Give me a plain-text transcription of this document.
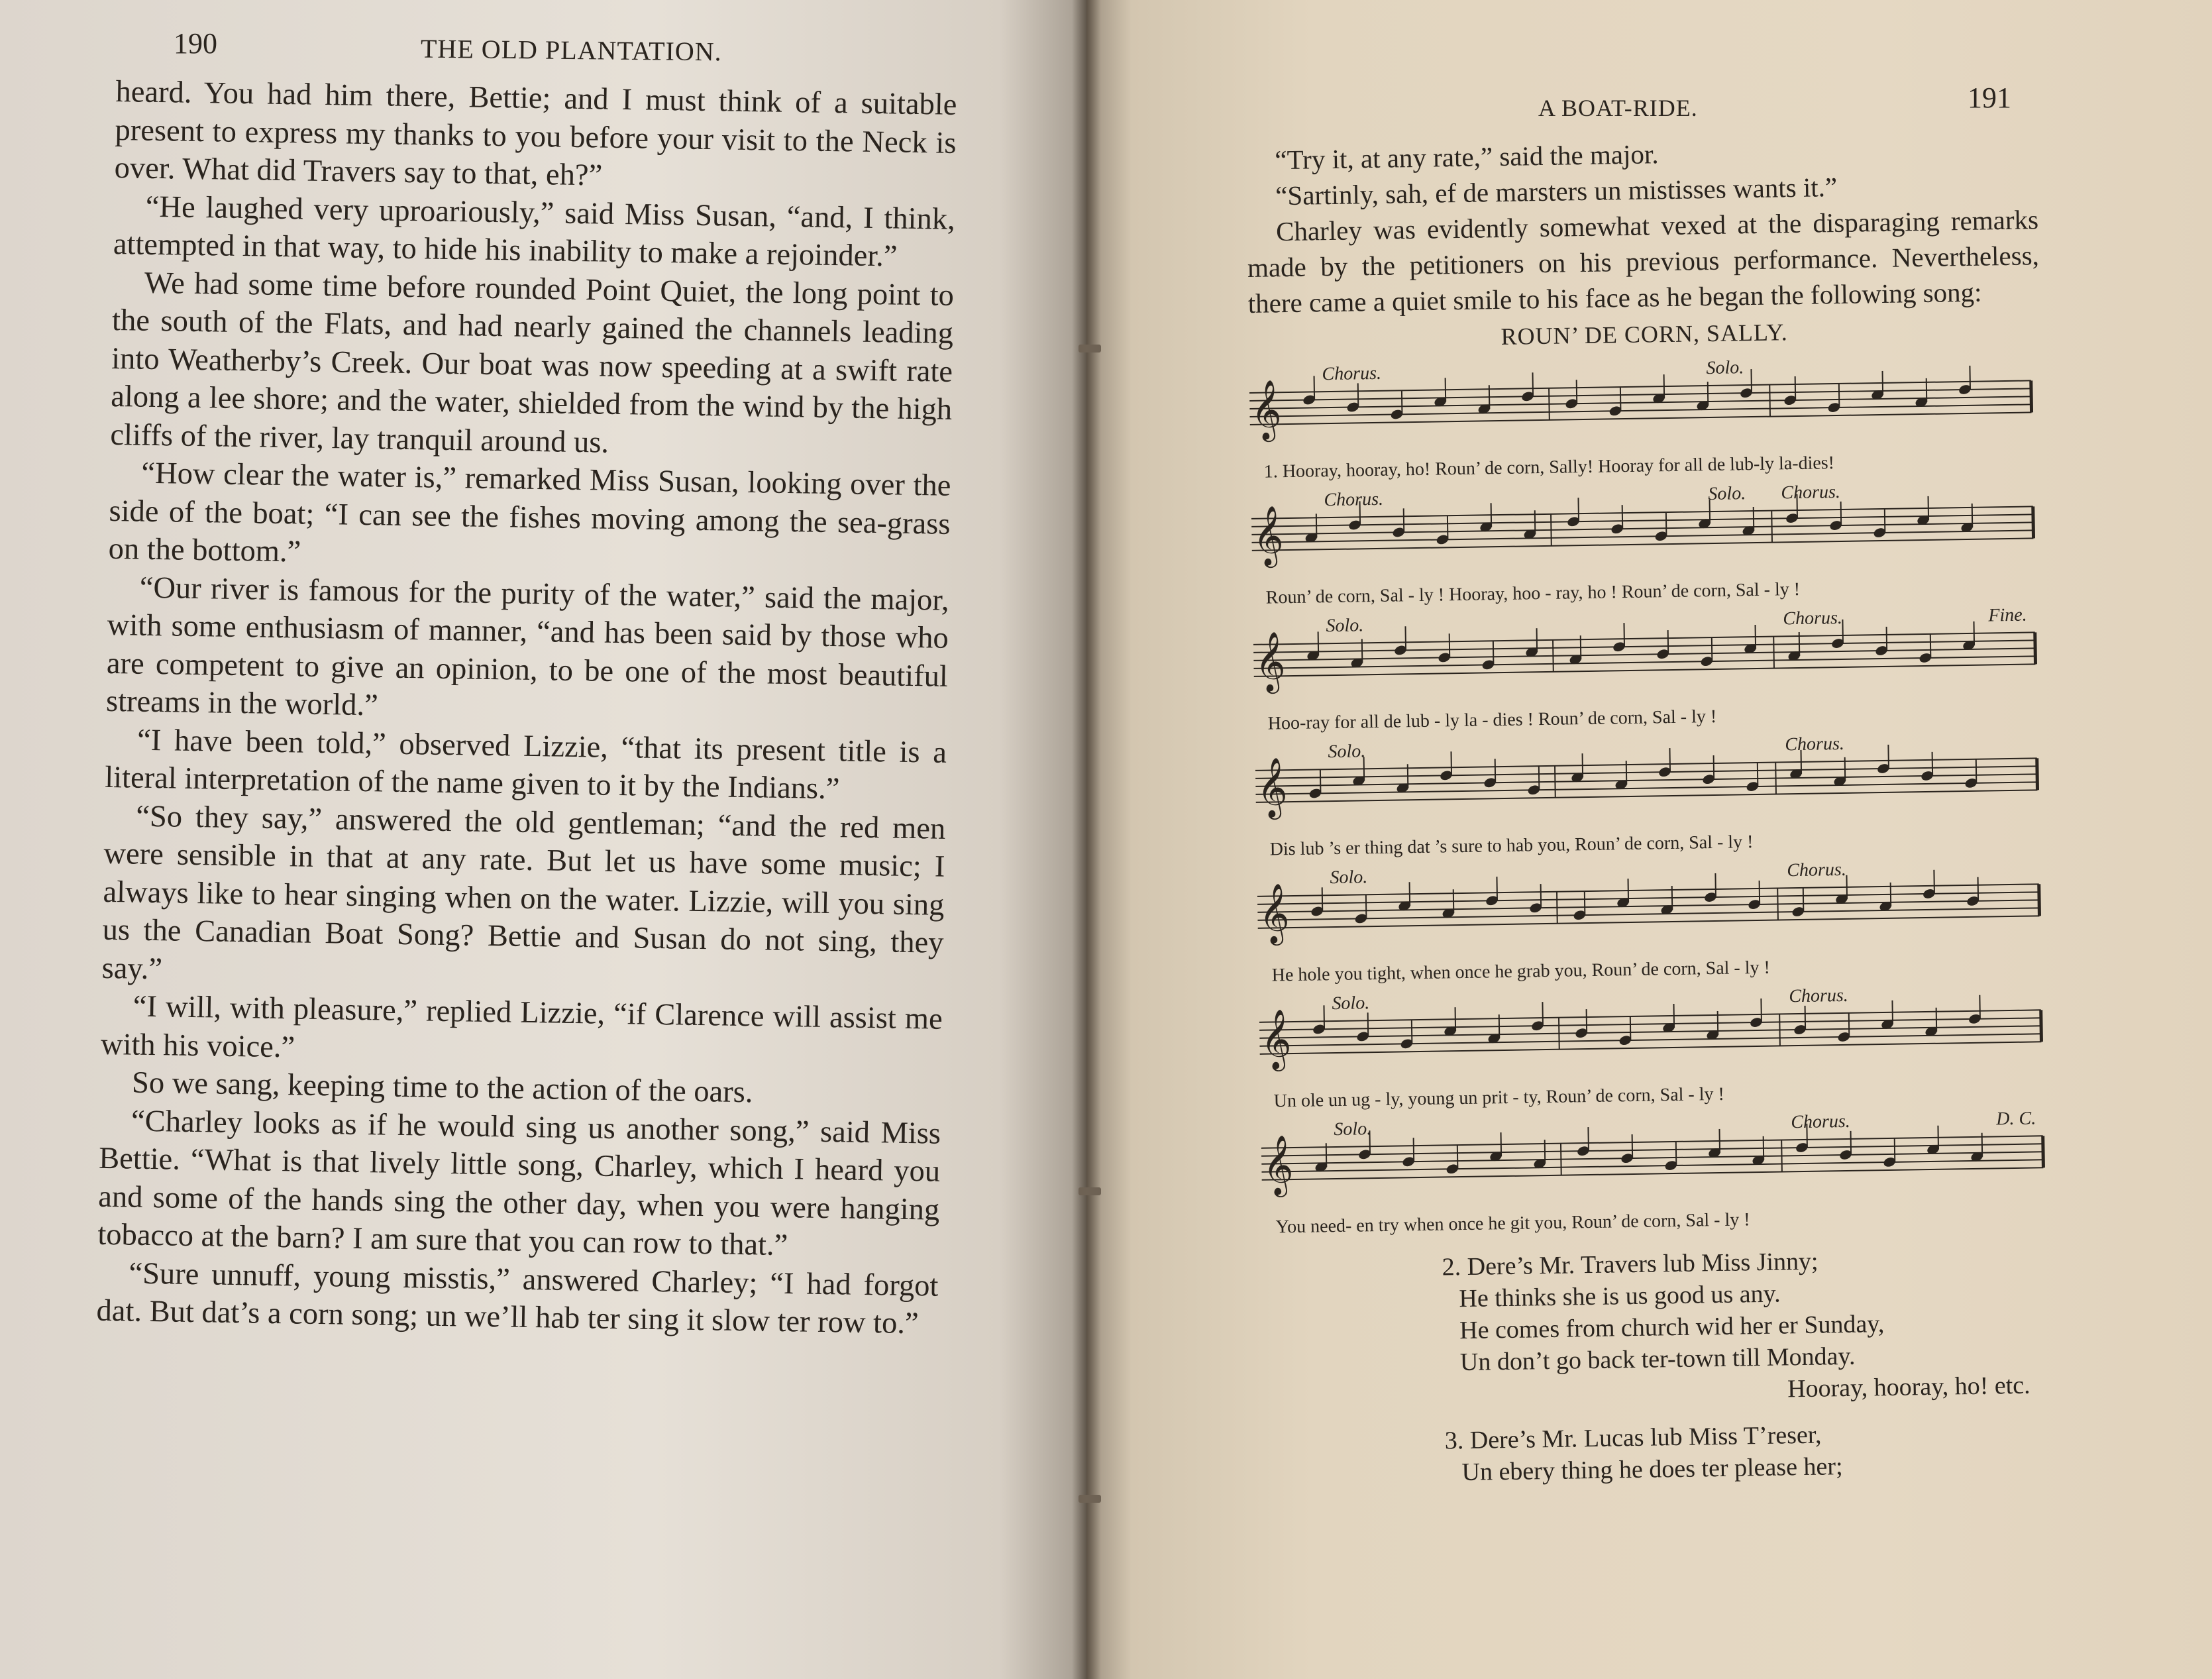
190	THE OLD PLANTATION.

heard. You had him there, Bettie; and I must think of a suitable present to express my thanks to you before your visit to the Neck is over. What did Travers say to that, eh?”

“He laughed very uproariously,” said Miss Susan, “and, I think, attempted in that way, to hide his inability to make a rejoinder.”

We had some time before rounded Point Quiet, the long point to the south of the Flats, and had nearly gained the channels leading into Weatherby’s Creek. Our boat was now speeding at a swift rate along a lee shore; and the water, shielded from the wind by the high cliffs of the river, lay tranquil around us.

“How clear the water is,” remarked Miss Susan, looking over the side of the boat; “I can see the fishes moving among the sea-grass on the bottom.”

“Our river is famous for the purity of the water,” said the major, with some enthusiasm of manner, “and has been said by those who are competent to give an opinion, to be one of the most beautiful streams in the world.”

“I have been told,” observed Lizzie, “that its present title is a literal interpretation of the name given to it by the Indians.”

“So they say,” answered the old gentleman; “and the red men were sensible in that at any rate. But let us have some music; I always like to hear singing when on the water. Lizzie, will you sing us the Canadian Boat Song? Bettie and Susan do not sing, they say.”

“I will, with pleasure,” replied Lizzie, “if Clarence will assist me with his voice.”

So we sang, keeping time to the action of the oars.

“Charley looks as if he would sing us another song,” said Miss Bettie. “What is that lively little song, Charley, which I heard you and some of the hands sing the other day, when you were hanging tobacco at the barn? I am sure that you can row to that.”

“Sure unnuff, young misstis,” answered Charley; “I had forgot dat. But dat’s a corn song; un we’ll hab ter sing it slow ter row to.”

A BOAT-RIDE.	191

“Try it, at any rate,” said the major.

“Sartinly, sah, ef de marsters un mistisses wants it.”

Charley was evidently somewhat vexed at the disparaging remarks made by the petitioners on his previous performance. Nevertheless, there came a quiet smile to his face as he began the following song:

ROUN’ DE CORN, SALLY.
𝄞
Chorus.	Solo.
1. Hooray, hooray, ho! Roun’ de corn, Sally! Hooray for all de lub-ly la-dies!
𝄞
Chorus.	Solo. Chorus.
Roun’ de corn, Sal - ly ! Hooray, hoo - ray, ho ! Roun’ de corn, Sal - ly !
𝄞
Solo.	Chorus.	Fine.
Hoo-ray for all de lub - ly la - dies ! Roun’ de corn, Sal - ly !
𝄞
Solo.	Chorus.
Dis lub ’s er thing dat ’s sure to hab you, Roun’ de corn, Sal - ly !
𝄞
Solo.	Chorus.
He hole you tight, when once he grab you, Roun’ de corn, Sal - ly !
𝄞
Solo.	Chorus.
Un ole un ug - ly, young un prit - ty, Roun’ de corn, Sal - ly !
𝄞
Solo.	Chorus.	D. C.
You need- en try when once he git you, Roun’ de corn, Sal - ly !
2. Dere’s Mr. Travers lub Miss Jinny;
He thinks she is us good us any.
He comes from church wid her er Sunday,
Un don’t go back ter-town till Monday.
Hooray, hooray, ho! etc.
3. Dere’s Mr. Lucas lub Miss T’reser,
Un ebery thing he does ter please her;
